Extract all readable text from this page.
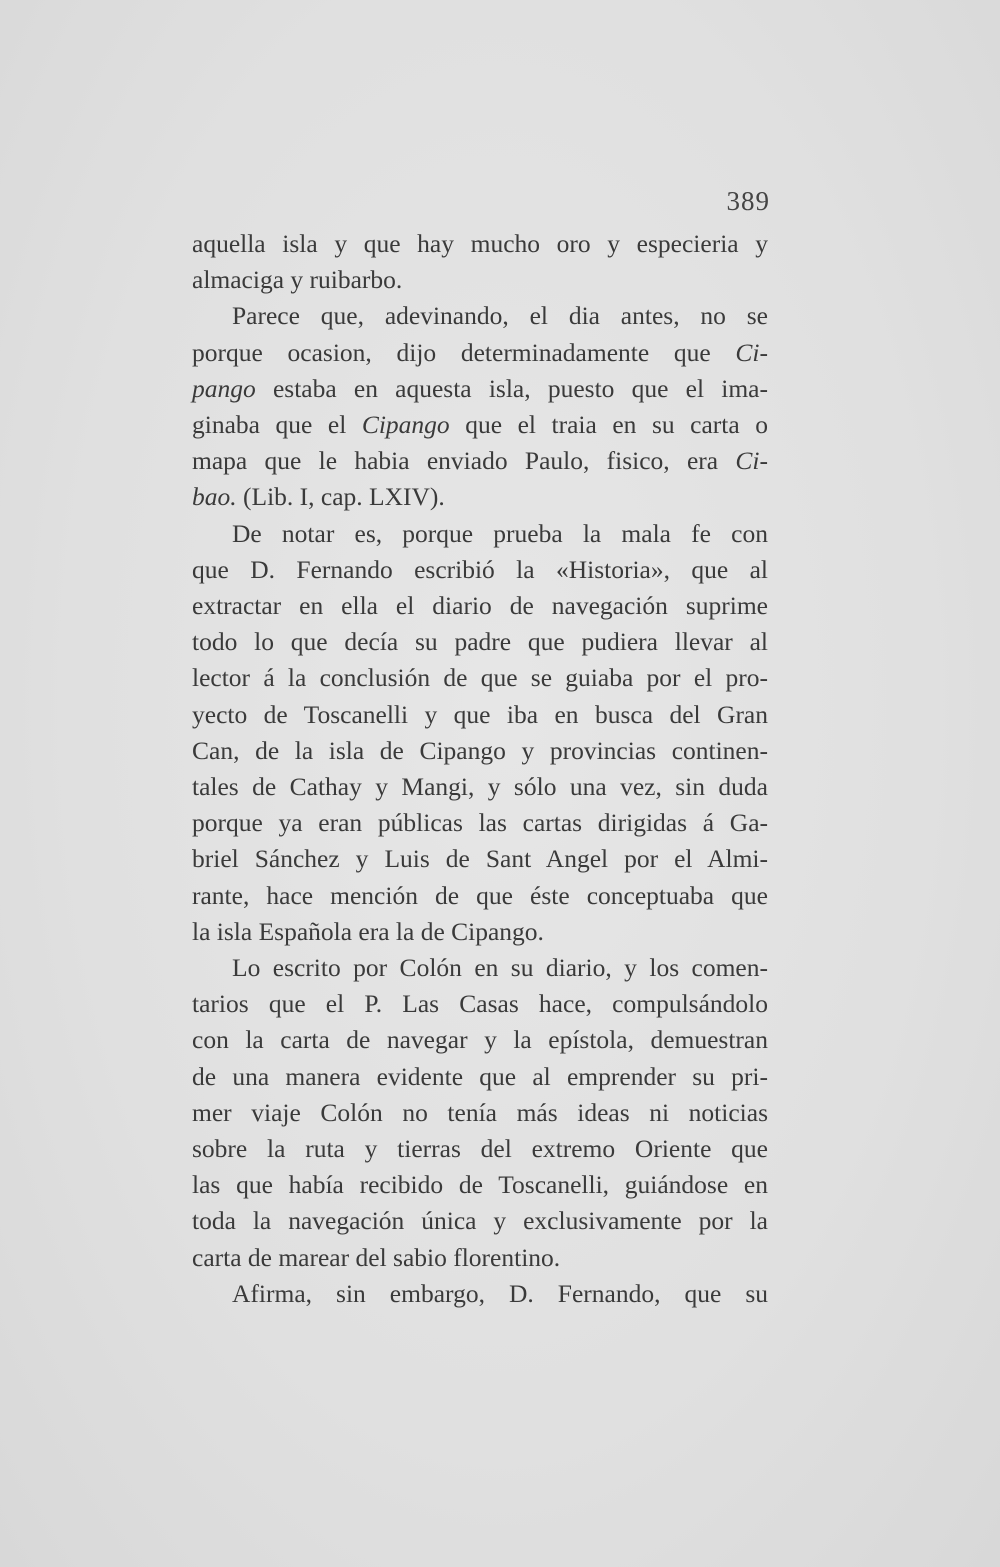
389
aquella isla y que hay mucho oro y especieria y
almaciga y ruibarbo.
Parece que, adevinando, el dia antes, no se
porque ocasion, dijo determinadamente que Ci-
pango estaba en aquesta isla, puesto que el ima-
ginaba que el Cipango que el traia en su carta o
mapa que le habia enviado Paulo, fisico, era Ci-
bao. (Lib. I, cap. LXIV).
De notar es, porque prueba la mala fe con
que D. Fernando escribió la «Historia», que al
extractar en ella el diario de navegación suprime
todo lo que decía su padre que pudiera llevar al
lector á la conclusión de que se guiaba por el pro-
yecto de Toscanelli y que iba en busca del Gran
Can, de la isla de Cipango y provincias continen-
tales de Cathay y Mangi, y sólo una vez, sin duda
porque ya eran públicas las cartas dirigidas á Ga-
briel Sánchez y Luis de Sant Angel por el Almi-
rante, hace mención de que éste conceptuaba que
la isla Española era la de Cipango.
Lo escrito por Colón en su diario, y los comen-
tarios que el P. Las Casas hace, compulsándolo
con la carta de navegar y la epístola, demuestran
de una manera evidente que al emprender su pri-
mer viaje Colón no tenía más ideas ni noticias
sobre la ruta y tierras del extremo Oriente que
las que había recibido de Toscanelli, guiándose en
toda la navegación única y exclusivamente por la
carta de marear del sabio florentino.
Afirma, sin embargo, D. Fernando, que su
